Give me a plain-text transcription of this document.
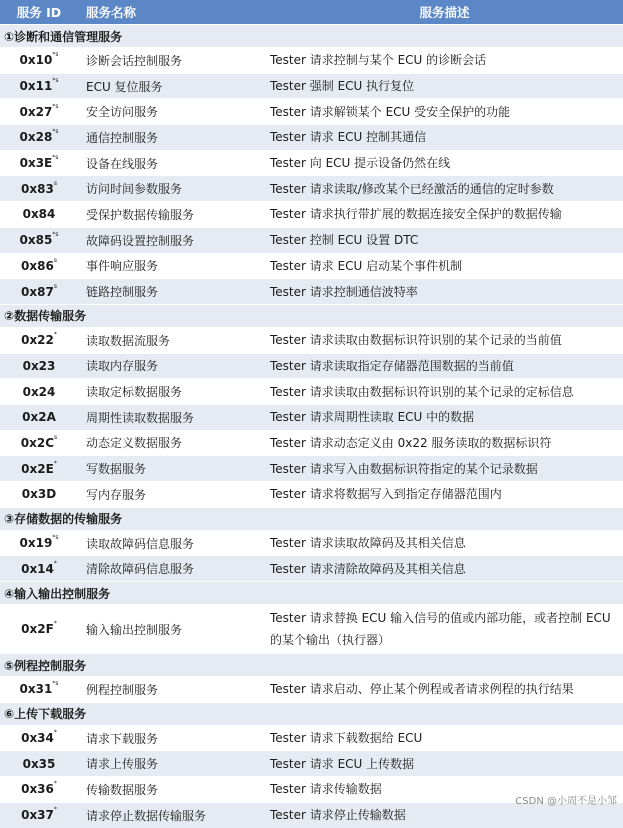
服务 ID	服务名称	服务描述
①诊断和通信管理服务		
0x10$^{*s}$	诊断会话控制服务	Tester 请求控制与某个 ECU 的诊断会话
0x11$^{*s}$	ECU 复位服务	Tester 强制 ECU 执行复位
0x27$^{*s}$	安全访问服务	Tester 请求解锁某个 ECU 受安全保护的功能
0x28$^{*s}$	通信控制服务	Tester 请求 ECU 控制其通信
$0x3E^{*s}$	设备在线服务	Tester 向 ECU 提示设备仍然在线
0x83$^s$	访问时间参数服务	Tester 请求读取/修改某个已经激活的通信的定时参数
0x84	受保护数据传输服务	Tester 请求执行带扩展的数据连接安全保护的数据传输
0x85$^{*s}$	故障码设置控制服务	Tester 控制 ECU 设置 DTC
0x86$^s$	事件响应服务	Tester 请求 ECU 启动某个事件机制
0x87$^s$	链路控制服务	Tester 请求控制通信波特率
②数据传输服务		
0x22*	读取数据流服务	Tester 请求读取由数据标识符识别的某个记录的当前值
0x23	读取内存服务	Tester 请求读取指定存储器范围数据的当前值
0x24	读取定标数据服务	Tester 请求读取由数据标识符识别的某个记录的定标信息
0x2A	周期性读取数据服务	Tester 请求周期性读取 ECU 中的数据
$0x2C^s$	动态定义数据服务	Tester 请求动态定义由 0x22 服务读取的数据标识符
0x2E*	写数据服务	Tester 请求写入由数据标识符指定的某个记录数据
0x3D	写内存服务	Tester 请求将数据写入到指定存储器范围内
③存储数据的传输服务		
0x19$^{*s}$	读取故障码信息服务	Tester 请求读取故障码及其相关信息
0x14*	清除故障码信息服务	Tester 请求清除故障码及其相关信息
④输入输出控制服务		
0x2F*	输入输出控制服务	Tester 请求替换 ECU 输入信号的值或内部功能，或者控制 ECU 的某个输出（执行器）
⑤例程控制服务		
0x31$^{*s}$	例程控制服务	Tester 请求启动、停止某个例程或者请求例程的执行结果
⑥上传下载服务		
0x34*	请求下载服务	Tester 请求下载数据给 ECU
0x35	请求上传服务	Tester 请求 ECU 上传数据
0x36*	传输数据服务	Tester 请求传输数据
0x37*	请求停止数据传输服务	Tester 请求停止传输数据
CSDN @小周不是小邹
